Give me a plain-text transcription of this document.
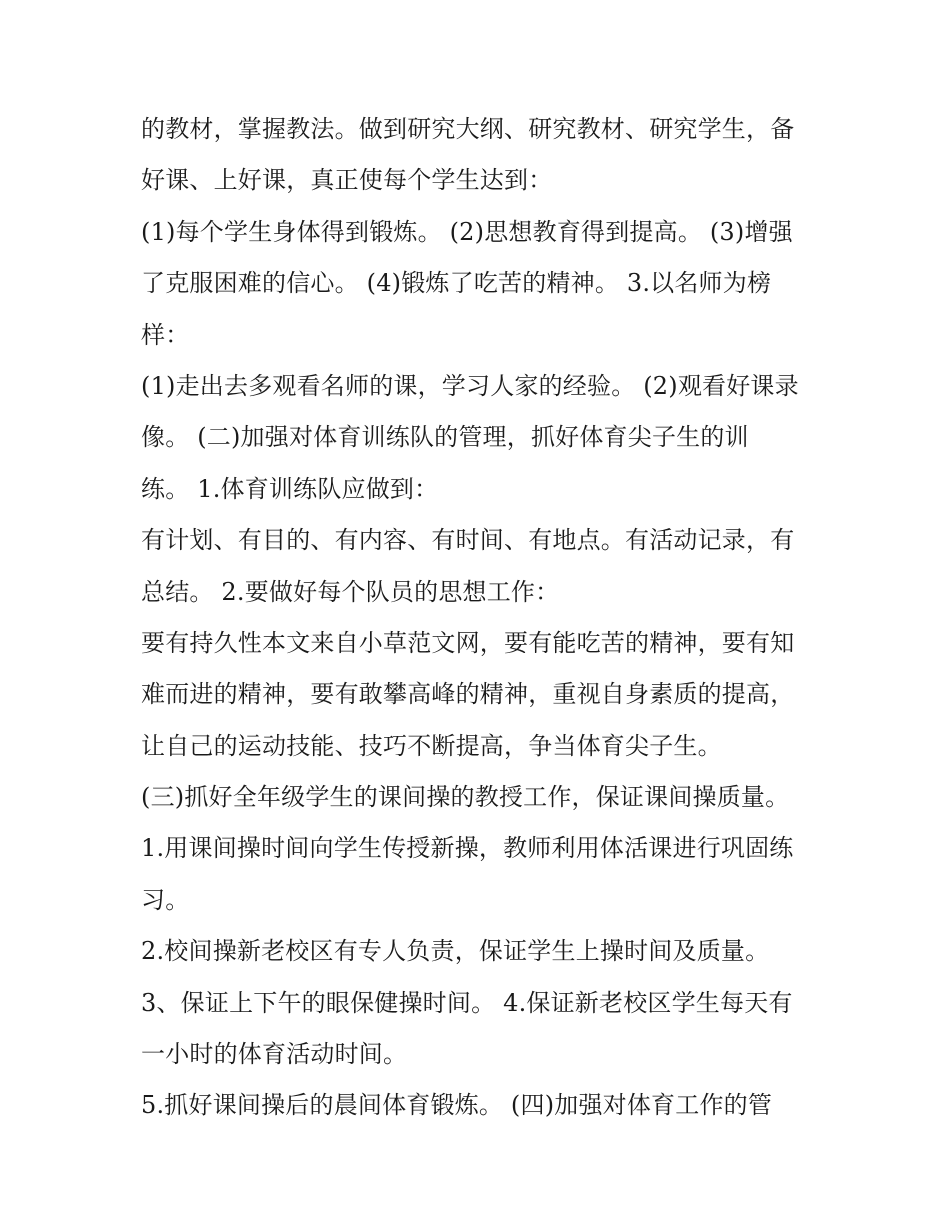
的教材，掌握教法。做到研究大纲、研究教材、研究学生，备

好课、上好课，真正使每个学生达到：

(1)每个学生身体得到锻炼。 (2)思想教育得到提高。 (3)增强

了克服困难的信心。 (4)锻炼了吃苦的精神。 3.以名师为榜

样：

(1)走出去多观看名师的课，学习人家的经验。 (2)观看好课录

像。 (二)加强对体育训练队的管理，抓好体育尖子生的训

练。 1.体育训练队应做到：

有计划、有目的、有内容、有时间、有地点。有活动记录，有

总结。 2.要做好每个队员的思想工作：

要有持久性本文来自小草范文网，要有能吃苦的精神，要有知

难而进的精神，要有敢攀高峰的精神，重视自身素质的提高，

让自己的运动技能、技巧不断提高，争当体育尖子生。

(三)抓好全年级学生的课间操的教授工作，保证课间操质量。

1.用课间操时间向学生传授新操，教师利用体活课进行巩固练

习。

2.校间操新老校区有专人负责，保证学生上操时间及质量。

3、保证上下午的眼保健操时间。 4.保证新老校区学生每天有

一小时的体育活动时间。

5.抓好课间操后的晨间体育锻炼。 (四)加强对体育工作的管
